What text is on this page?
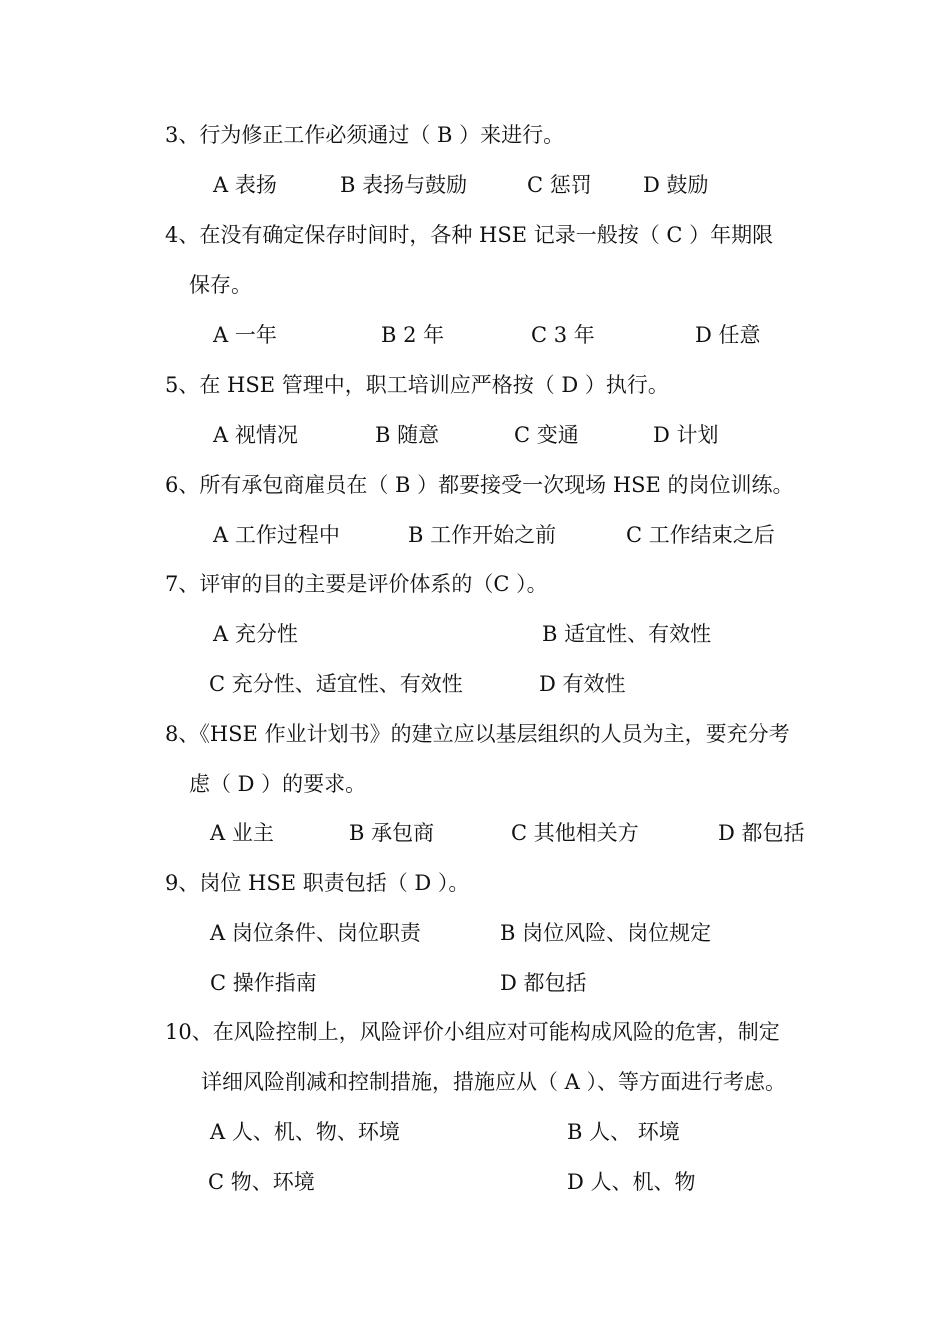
3、行为修正工作必须通过（ B ）来进行。
A 表扬	B 表扬与鼓励	C 惩罚 D 鼓励
4、在没有确定保存时间时，各种 HSE 记录一般按（ C ）年期限
保存。
A 一年	B 2 年	C 3 年	D 任意
5、在 HSE 管理中，职工培训应严格按（ D ）执行。
A 视情况	B 随意	C 变通	D 计划
6、所有承包商雇员在（ B ）都要接受一次现场 HSE 的岗位训练。
A 工作过程中	B 工作开始之前	C 工作结束之后
7、评审的目的主要是评价体系的（C ）。
A 充分性	B 适宜性、有效性
C 充分性、适宜性、有效性	D 有效性
8、《HSE 作业计划书》的建立应以基层组织的人员为主，要充分考
虑（ D ）的要求。
A 业主	B 承包商	C 其他相关方	D 都包括
9、岗位 HSE 职责包括（ D ）。
A 岗位条件、岗位职责	B 岗位风险、岗位规定
C 操作指南	D 都包括
10、在风险控制上，风险评价小组应对可能构成风险的危害，制定
详细风险削减和控制措施，措施应从（ A ）、等方面进行考虑。
A 人、机、物、环境	B 人、 环境
C 物、环境	D 人、机、物
